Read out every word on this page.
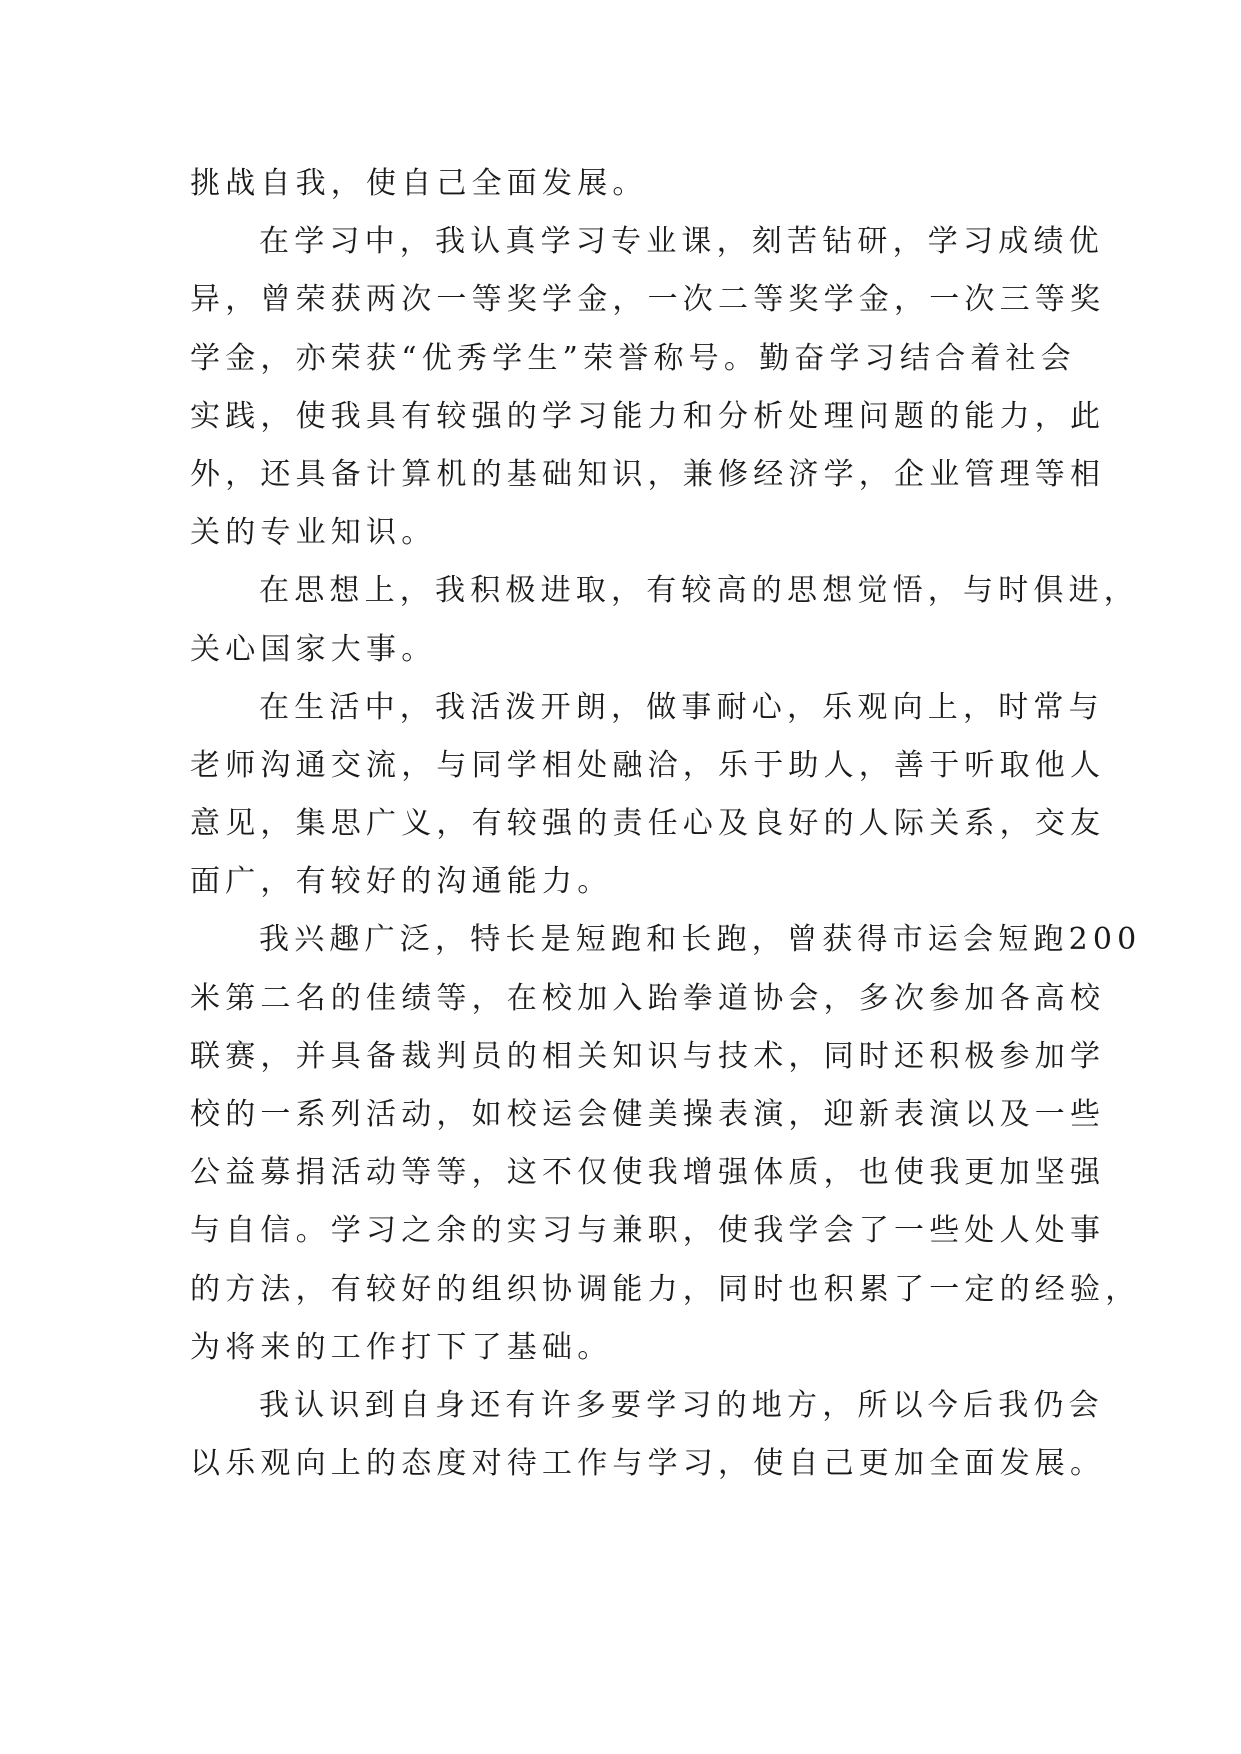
挑战自我，使自己全面发展。
在学习中，我认真学习专业课，刻苦钻研，学习成绩优
异，曾荣获两次一等奖学金，一次二等奖学金，一次三等奖
学金，亦荣获“优秀学生”荣誉称号。勤奋学习结合着社会
实践，使我具有较强的学习能力和分析处理问题的能力，此
外，还具备计算机的基础知识，兼修经济学，企业管理等相
关的专业知识。
在思想上，我积极进取，有较高的思想觉悟，与时俱进，
关心国家大事。
在生活中，我活泼开朗，做事耐心，乐观向上，时常与
老师沟通交流，与同学相处融洽，乐于助人，善于听取他人
意见，集思广义，有较强的责任心及良好的人际关系，交友
面广，有较好的沟通能力。
我兴趣广泛，特长是短跑和长跑，曾获得市运会短跑200
米第二名的佳绩等，在校加入跆拳道协会，多次参加各高校
联赛，并具备裁判员的相关知识与技术，同时还积极参加学
校的一系列活动，如校运会健美操表演，迎新表演以及一些
公益募捐活动等等，这不仅使我增强体质，也使我更加坚强
与自信。学习之余的实习与兼职，使我学会了一些处人处事
的方法，有较好的组织协调能力，同时也积累了一定的经验，
为将来的工作打下了基础。
我认识到自身还有许多要学习的地方，所以今后我仍会
以乐观向上的态度对待工作与学习，使自己更加全面发展。
